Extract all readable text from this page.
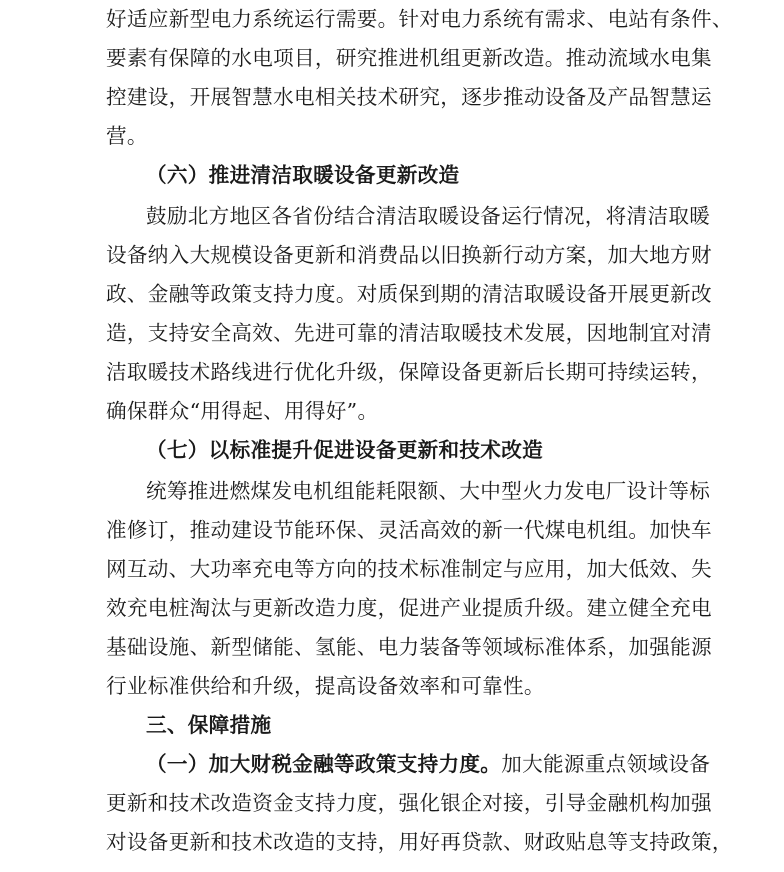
好适应新型电力系统运行需要。针对电力系统有需求、电站有条件、
要素有保障的水电项目，研究推进机组更新改造。推动流域水电集
控建设，开展智慧水电相关技术研究，逐步推动设备及产品智慧运
营。
（六）推进清洁取暖设备更新改造
鼓励北方地区各省份结合清洁取暖设备运行情况，将清洁取暖
设备纳入大规模设备更新和消费品以旧换新行动方案，加大地方财
政、金融等政策支持力度。对质保到期的清洁取暖设备开展更新改
造，支持安全高效、先进可靠的清洁取暖技术发展，因地制宜对清
洁取暖技术路线进行优化升级，保障设备更新后长期可持续运转，
确保群众“用得起、用得好”。
（七）以标准提升促进设备更新和技术改造
统筹推进燃煤发电机组能耗限额、大中型火力发电厂设计等标
准修订，推动建设节能环保、灵活高效的新一代煤电机组。加快车
网互动、大功率充电等方向的技术标准制定与应用，加大低效、失
效充电桩淘汰与更新改造力度，促进产业提质升级。建立健全充电
基础设施、新型储能、氢能、电力装备等领域标准体系，加强能源
行业标准供给和升级，提高设备效率和可靠性。
三、保障措施
（一）加大财税金融等政策支持力度。加大能源重点领域设备
更新和技术改造资金支持力度，强化银企对接，引导金融机构加强
对设备更新和技术改造的支持，用好再贷款、财政贴息等支持政策，
